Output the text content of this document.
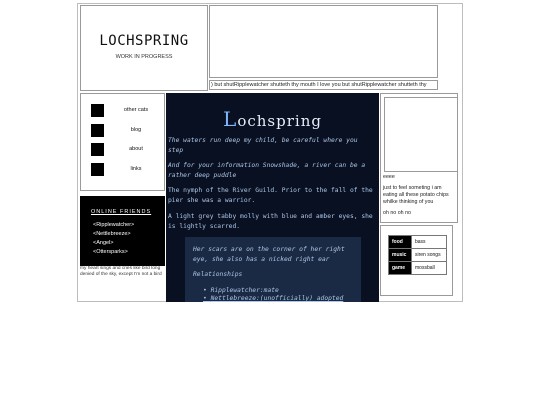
LOCHSPRING
WORK IN PROGRESS
) but shutRipplewatcher shutteth thy mouth I love you but shutRipplewatcher shutteth thy
other cats
blog
about
links
ONLINE FRIENDS
<Ripplewatcher>
<Nettlebreeze>
<Angel>
<Ottersparks>
my heart sings and cries like bird long denied of the sky, except I'm not a bird
Lochspring

The waters run deep my child, be careful where you step

And for your information Snowshade, a river can be a rather deep puddle

The nymph of the River Guild. Prior to the fall of the pier she was a warrior.

A light grey tabby molly with blue and amber eyes, she is lightly scarred.

Her scars are on the corner of her right eye, she also has a nicked right ear

Relationships

• Ripplewatcher:mate
• Nettlebreeze:(unofficially) adopted
eeee
just to feel someting i am eating all these potato chips whilke thinking of you
oh no oh no
food	bass
music	siren songs
game	mossball
